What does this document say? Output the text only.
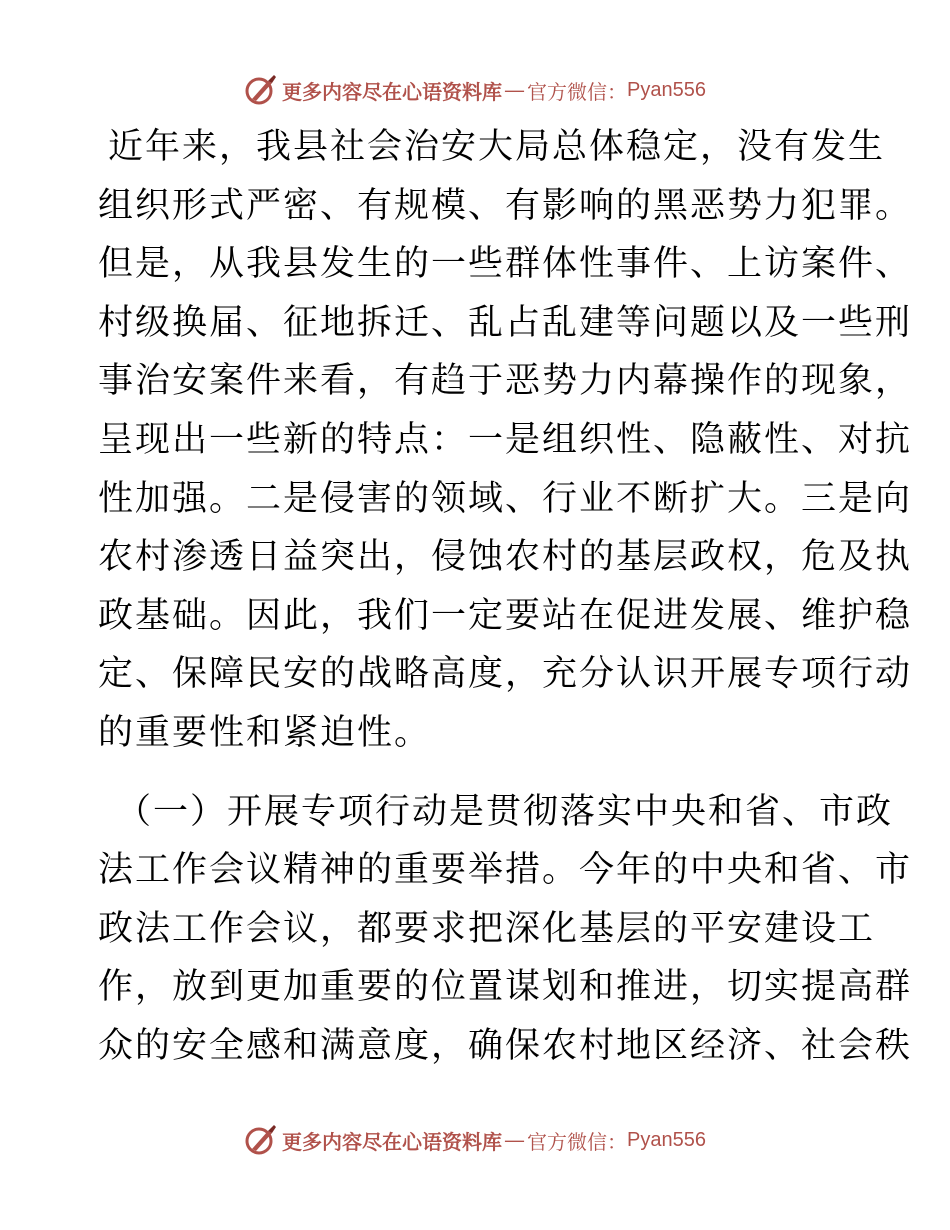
更多内容尽在心语资料库 — 官方微信： Pyan556

近年来，我县社会治安大局总体稳定，没有发生
组织形式严密、有规模、有影响的黑恶势力犯罪。
但是，从我县发生的一些群体性事件、上访案件、
村级换届、征地拆迁、乱占乱建等问题以及一些刑
事治安案件来看，有趋于恶势力内幕操作的现象，
呈现出一些新的特点：一是组织性、隐蔽性、对抗
性加强。二是侵害的领域、行业不断扩大。三是向
农村渗透日益突出，侵蚀农村的基层政权，危及执
政基础。因此，我们一定要站在促进发展、维护稳
定、保障民安的战略高度，充分认识开展专项行动
的重要性和紧迫性。

（一）开展专项行动是贯彻落实中央和省、市政
法工作会议精神的重要举措。今年的中央和省、市
政法工作会议，都要求把深化基层的平安建设工
作，放到更加重要的位置谋划和推进，切实提高群
众的安全感和满意度，确保农村地区经济、社会秩

更多内容尽在心语资料库 — 官方微信： Pyan556
